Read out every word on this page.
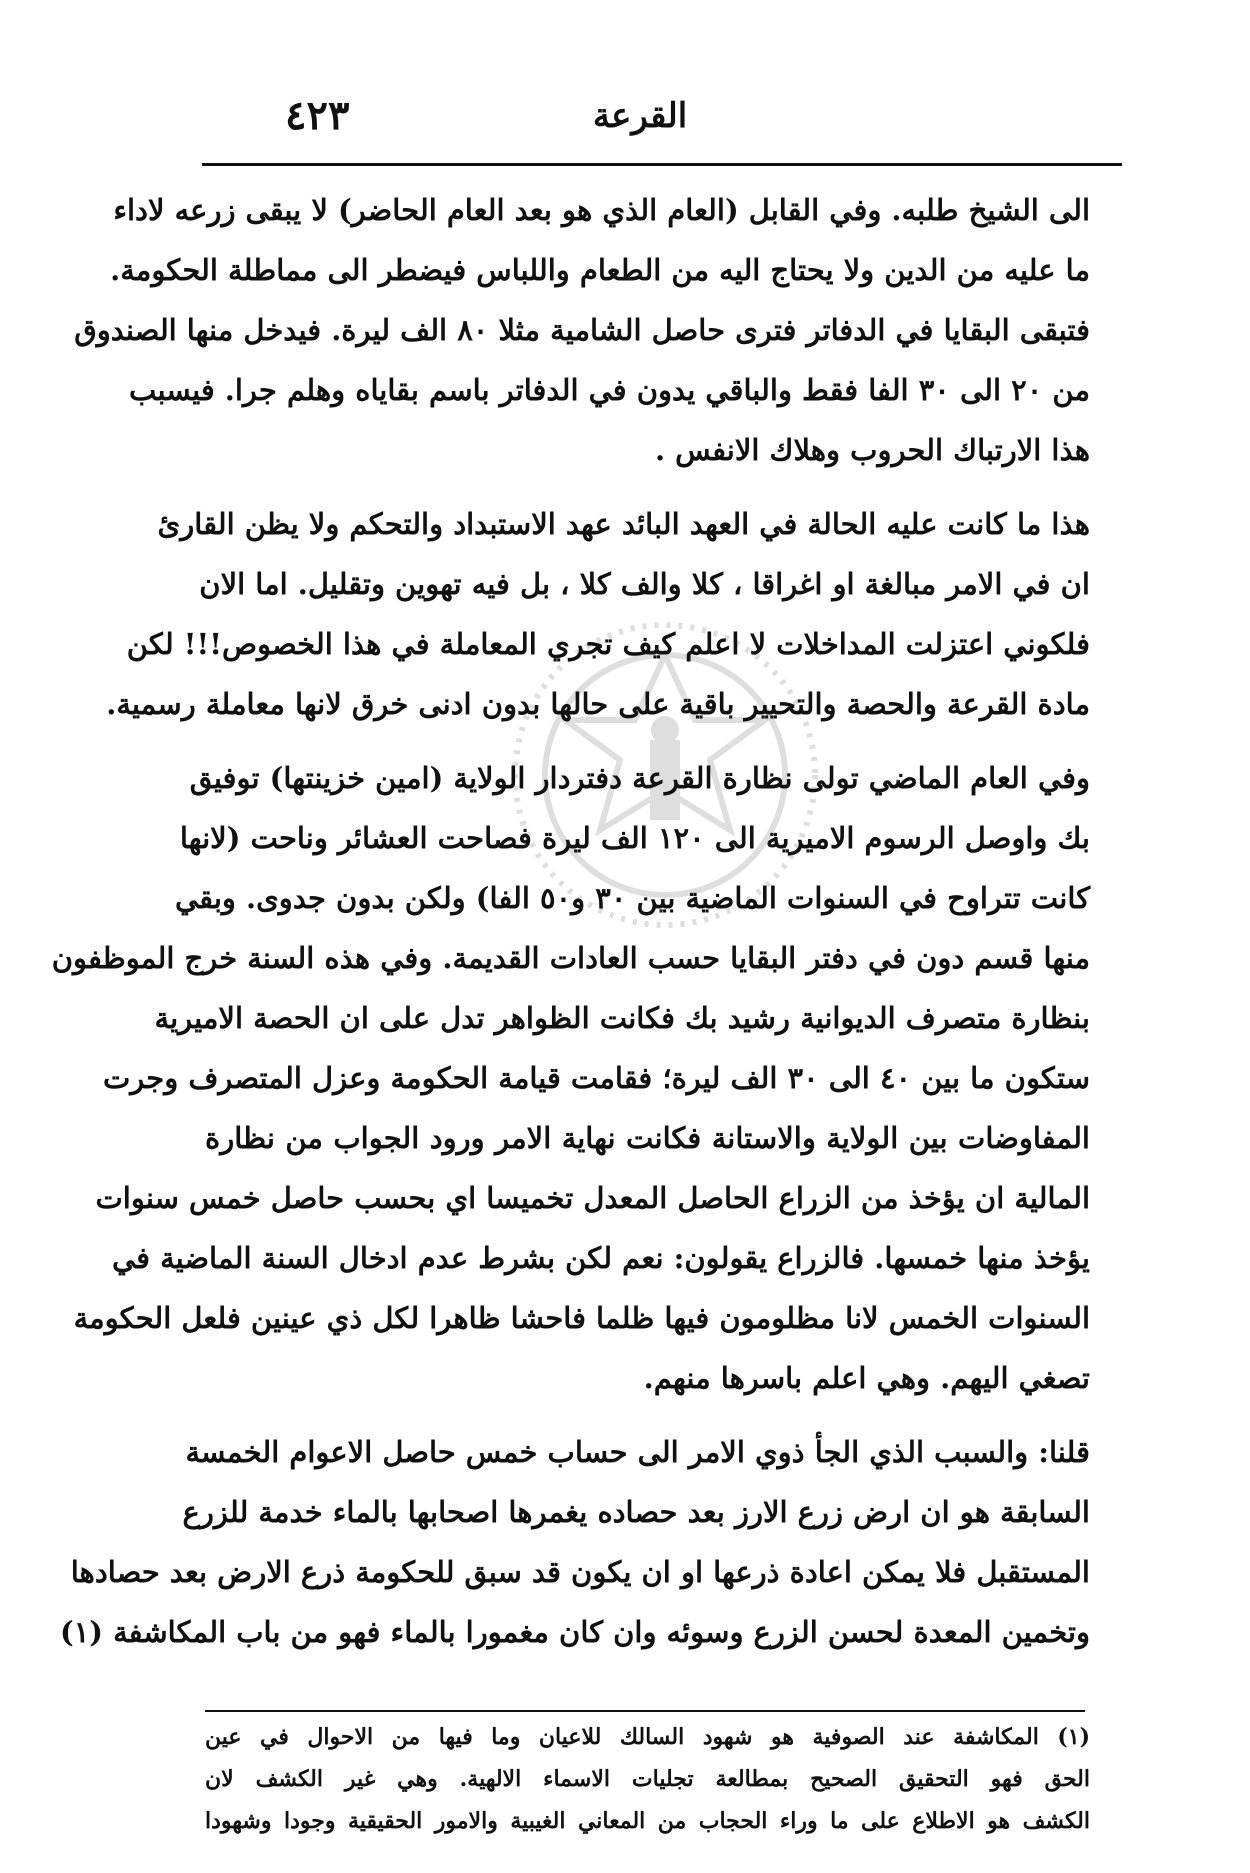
القرعة
٤٢٣
الى الشيخ طلبه. وفي القابل (العام الذي هو بعد العام الحاضر) لا يبقى زرعه لاداء
ما عليه من الدين ولا يحتاج اليه من الطعام واللباس فيضطر الى مماطلة الحكومة.
فتبقى البقايا في الدفاتر فترى حاصل الشامية مثلا ٨٠ الف ليرة. فيدخل منها الصندوق
من ٢٠ الى ٣٠ الفا فقط والباقي يدون في الدفاتر باسم بقاياه وهلم جرا. فيسبب
هذا الارتباك الحروب وهلاك الانفس .
هذا ما كانت عليه الحالة في العهد البائد عهد الاستبداد والتحكم ولا يظن القارئ
ان في الامر مبالغة او اغراقا ، كلا والف كلا ، بل فيه تهوين وتقليل. اما الان
فلكوني اعتزلت المداخلات لا اعلم كيف تجري المعاملة في هذا الخصوص!!! لكن
مادة القرعة والحصة والتحيير باقية على حالها بدون ادنى خرق لانها معاملة رسمية.
وفي العام الماضي تولى نظارة القرعة دفتردار الولاية (امين خزينتها) توفيق
بك واوصل الرسوم الاميرية الى ١٢٠ الف ليرة فصاحت العشائر وناحت (لانها
كانت تتراوح في السنوات الماضية بين ٣٠ و٥٠ الفا) ولكن بدون جدوى. وبقي
منها قسم دون في دفتر البقايا حسب العادات القديمة. وفي هذه السنة خرج الموظفون
بنظارة متصرف الديوانية رشيد بك فكانت الظواهر تدل على ان الحصة الاميرية
ستكون ما بين ٤٠ الى ٣٠ الف ليرة؛ فقامت قيامة الحكومة وعزل المتصرف وجرت
المفاوضات بين الولاية والاستانة فكانت نهاية الامر ورود الجواب من نظارة
المالية ان يؤخذ من الزراع الحاصل المعدل تخميسا اي بحسب حاصل خمس سنوات
يؤخذ منها خمسها. فالزراع يقولون: نعم لكن بشرط عدم ادخال السنة الماضية في
السنوات الخمس لانا مظلومون فيها ظلما فاحشا ظاهرا لكل ذي عينين فلعل الحكومة
تصغي اليهم. وهي اعلم باسرها منهم.
قلنا: والسبب الذي الجأ ذوي الامر الى حساب خمس حاصل الاعوام الخمسة
السابقة هو ان ارض زرع الارز بعد حصاده يغمرها اصحابها بالماء خدمة للزرع
المستقبل فلا يمكن اعادة ذرعها او ان يكون قد سبق للحكومة ذرع الارض بعد حصادها
وتخمين المعدة لحسن الزرع وسوئه وان كان مغمورا بالماء فهو من باب المكاشفة (١)
(١) المكاشفة عند الصوفية هو شهود السالك للاعيان وما فيها من الاحوال في عين
الحق فهو التحقيق الصحيح بمطالعة تجليات الاسماء الالهية. وهي غير الكشف لان
الكشف هو الاطلاع على ما وراء الحجاب من المعاني الغيبية والامور الحقيقية وجودا وشهودا
